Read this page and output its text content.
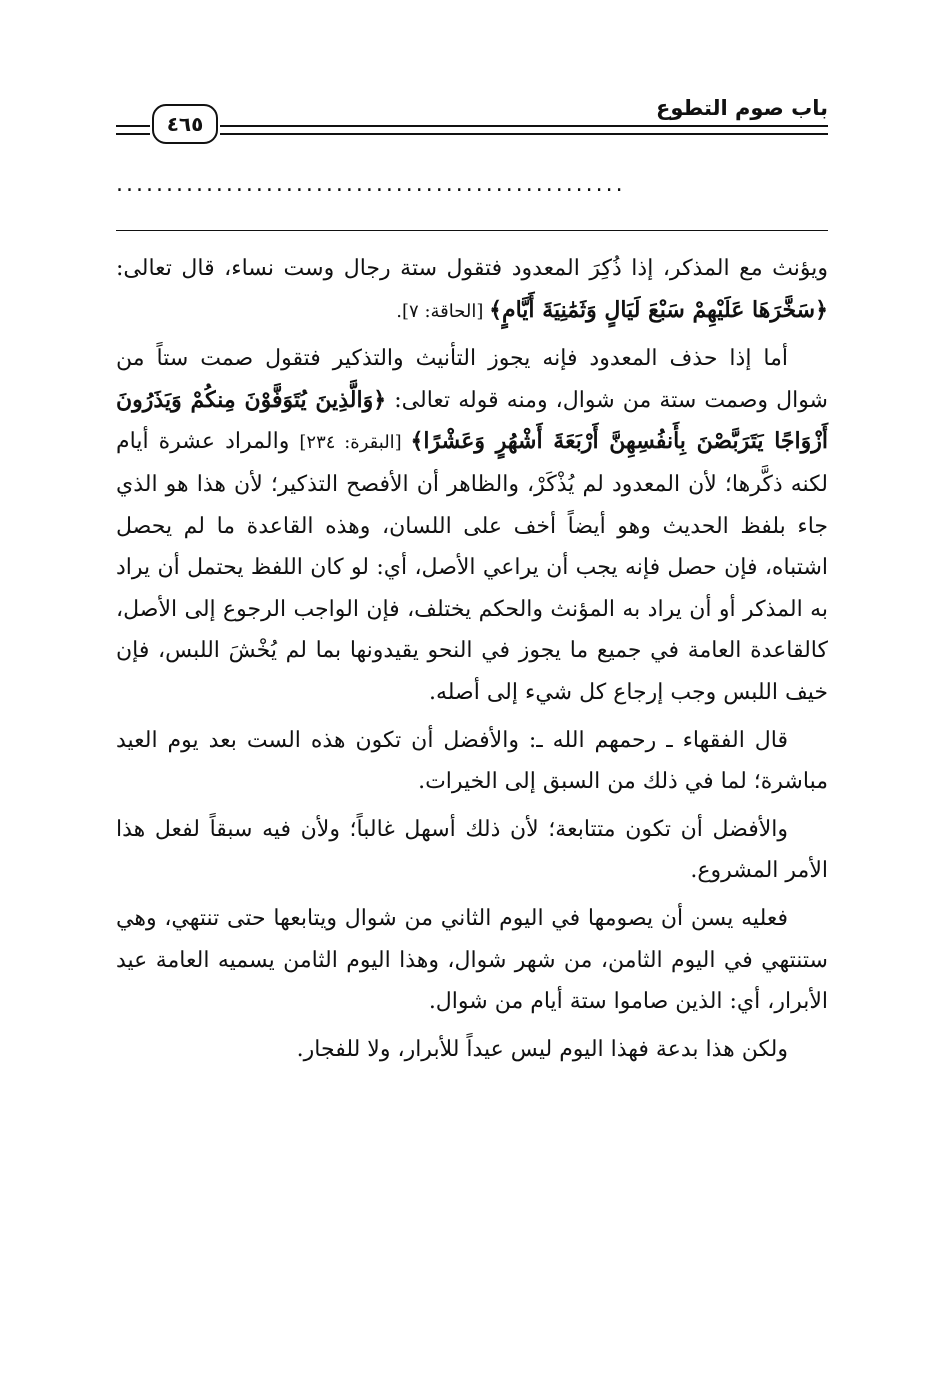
٤٦٥
باب صوم التطوع
...................................................

ويؤنث مع المذكر، إذا ذُكِرَ المعدود فتقول ستة رجال وست نساء، قال تعالى: ﴿سَخَّرَهَا عَلَيْهِمْ سَبْعَ لَيَالٍ وَثَمَٰنِيَةَ أَيَّامٍ﴾ [الحاقة: ٧].

أما إذا حذف المعدود فإنه يجوز التأنيث والتذكير فتقول صمت ستاً من شوال وصمت ستة من شوال، ومنه قوله تعالى: ﴿وَالَّذِينَ يُتَوَفَّوْنَ مِنكُمْ وَيَذَرُونَ أَزْوَاجًا يَتَرَبَّصْنَ بِأَنفُسِهِنَّ أَرْبَعَةَ أَشْهُرٍ وَعَشْرًا﴾ [البقرة: ٢٣٤] والمراد عشرة أيام لكنه ذكَّرها؛ لأن المعدود لم يُذْكَرْ، والظاهر أن الأفصح التذكير؛ لأن هذا هو الذي جاء بلفظ الحديث وهو أيضاً أخف على اللسان، وهذه القاعدة ما لم يحصل اشتباه، فإن حصل فإنه يجب أن يراعي الأصل، أي: لو كان اللفظ يحتمل أن يراد به المذكر أو أن يراد به المؤنث والحكم يختلف، فإن الواجب الرجوع إلى الأصل، كالقاعدة العامة في جميع ما يجوز في النحو يقيدونها بما لم يُخْشَ اللبس، فإن خيف اللبس وجب إرجاع كل شيء إلى أصله.

قال الفقهاء ـ رحمهم الله ـ: والأفضل أن تكون هذه الست بعد يوم العيد مباشرة؛ لما في ذلك من السبق إلى الخيرات.

والأفضل أن تكون متتابعة؛ لأن ذلك أسهل غالباً؛ ولأن فيه سبقاً لفعل هذا الأمر المشروع.

فعليه يسن أن يصومها في اليوم الثاني من شوال ويتابعها حتى تنتهي، وهي ستنتهي في اليوم الثامن، من شهر شوال، وهذا اليوم الثامن يسميه العامة عيد الأبرار، أي: الذين صاموا ستة أيام من شوال.

ولكن هذا بدعة فهذا اليوم ليس عيداً للأبرار، ولا للفجار.
